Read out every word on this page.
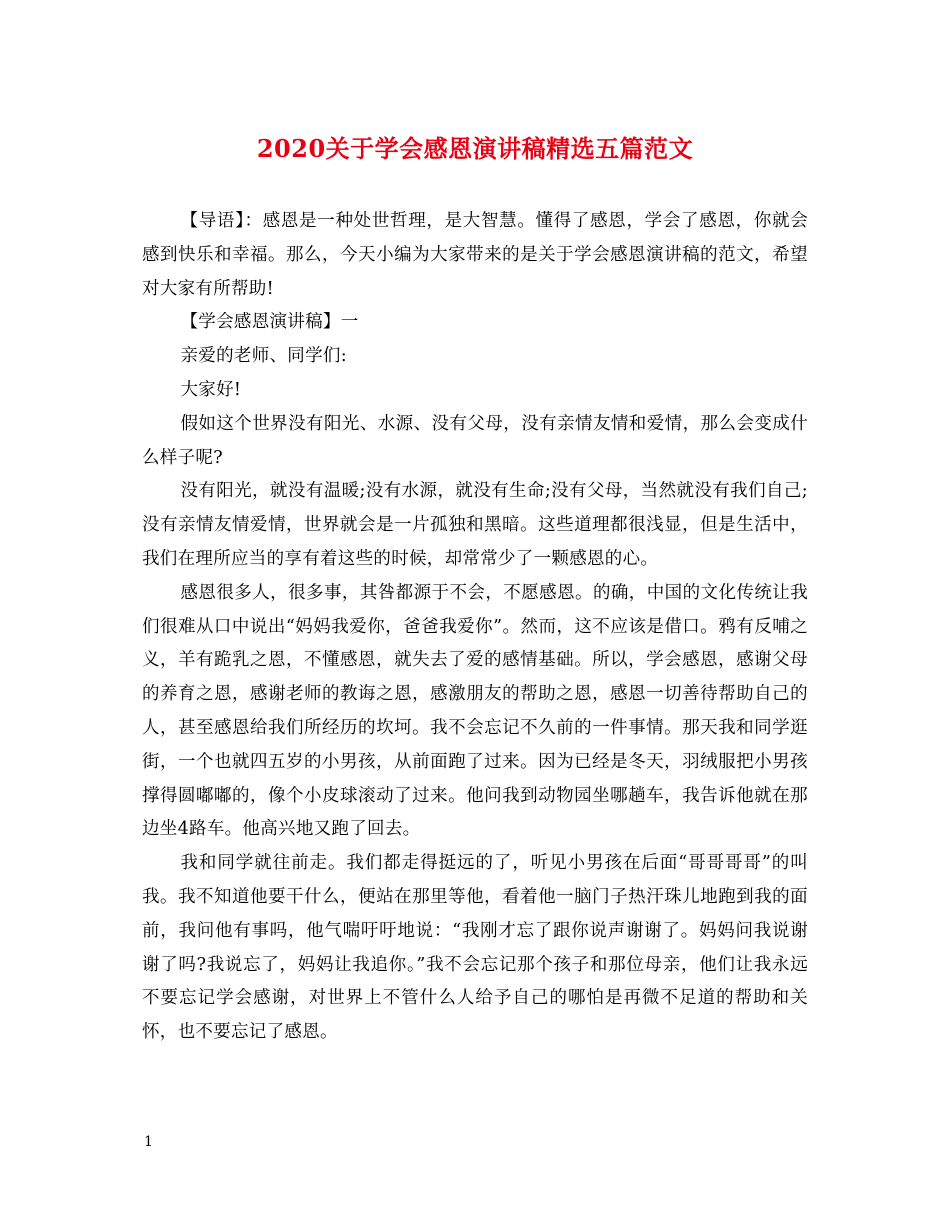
2020关于学会感恩演讲稿精选五篇范文

【导语】：感恩是一种处世哲理，是大智慧。懂得了感恩，学会了感恩，你就会感到快乐和幸福。那么，今天小编为大家带来的是关于学会感恩演讲稿的范文，希望对大家有所帮助!

【学会感恩演讲稿】一

亲爱的老师、同学们:

大家好!

假如这个世界没有阳光、水源、没有父母，没有亲情友情和爱情，那么会变成什么样子呢?

没有阳光，就没有温暖;没有水源，就没有生命;没有父母，当然就没有我们自己;没有亲情友情爱情，世界就会是一片孤独和黑暗。这些道理都很浅显，但是生活中，我们在理所应当的享有着这些的时候，却常常少了一颗感恩的心。

感恩很多人，很多事，其咎都源于不会，不愿感恩。的确，中国的文化传统让我们很难从口中说出“妈妈我爱你，爸爸我爱你”。然而，这不应该是借口。鸦有反哺之义，羊有跪乳之恩，不懂感恩，就失去了爱的感情基础。所以，学会感恩，感谢父母的养育之恩，感谢老师的教诲之恩，感激朋友的帮助之恩，感恩一切善待帮助自己的人，甚至感恩给我们所经历的坎坷。我不会忘记不久前的一件事情。那天我和同学逛街，一个也就四五岁的小男孩，从前面跑了过来。因为已经是冬天，羽绒服把小男孩撑得圆嘟嘟的，像个小皮球滚动了过来。他问我到动物园坐哪趟车，我告诉他就在那边坐4路车。他高兴地又跑了回去。

我和同学就往前走。我们都走得挺远的了，听见小男孩在后面“哥哥哥哥”的叫我。我不知道他要干什么，便站在那里等他，看着他一脑门子热汗珠儿地跑到我的面前，我问他有事吗，他气喘吁吁地说：“我刚才忘了跟你说声谢谢了。妈妈问我说谢谢了吗?我说忘了，妈妈让我追你。”我不会忘记那个孩子和那位母亲，他们让我永远不要忘记学会感谢，对世界上不管什么人给予自己的哪怕是再微不足道的帮助和关怀，也不要忘记了感恩。

1
